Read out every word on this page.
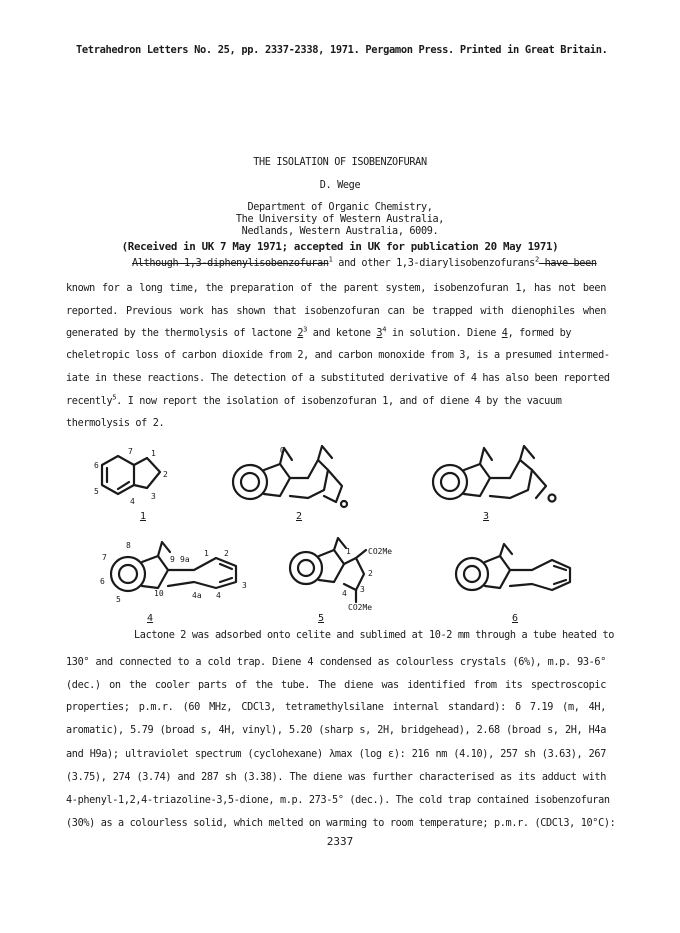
Tetrahedron Letters No. 25, pp. 2337-2338, 1971. Pergamon Press. Printed in Great Britain.
THE ISOLATION OF ISOBENZOFURAN
D. Wege
Department of Organic Chemistry,
The University of Western Australia,
Nedlands, Western Australia, 6009.
(Received in UK 7 May 1971; accepted in UK for publication 20 May 1971)
Although 1,3-diphenylisobenzofuran$^1$ and other 1,3-diarylisobenzofurans$^2$ have been
known for a long time, the preparation of the parent system, isobenzofuran 1, has not been
reported. Previous work has shown that isobenzofuran can be trapped with dienophiles when
generated by the thermolysis of lactone $2^3$ and ketone $3^4$ in solution. Diene 4, formed by
cheletropic loss of carbon dioxide from 2, and carbon monoxide from 3, is a presumed intermed-
iate in these reactions. The detection of a substituted derivative of 4 has also been reported
recently$^5$. I now report the isolation of isobenzofuran 1, and of diene 4 by the vacuum
thermolysis of 2.
7 1
2
3
4
5
6
1
O
2	3
8
7
6
5
9 9a
1 2
3
4
4a
10
4
CO2Me
CO2Me
1
2
3
4
5	6
Lactone 2 was adsorbed onto celite and sublimed at 10-2 mm through a tube heated to
130° and connected to a cold trap. Diene 4 condensed as colourless crystals (6%), m.p. 93-6°
(dec.) on the cooler parts of the tube. The diene was identified from its spectroscopic
properties; p.m.r. (60 MHz, CDCl3, tetramethylsilane internal standard): δ 7.19 (m, 4H,
aromatic), 5.79 (broad s, 4H, vinyl), 5.20 (sharp s, 2H, bridgehead), 2.68 (broad s, 2H, H4a
and H9a); ultraviolet spectrum (cyclohexane) λmax (log ε): 216 nm (4.10), 257 sh (3.63), 267
(3.75), 274 (3.74) and 287 sh (3.38). The diene was further characterised as its adduct with
4-phenyl-1,2,4-triazoline-3,5-dione, m.p. 273-5° (dec.). The cold trap contained isobenzofuran
(30%) as a colourless solid, which melted on warming to room temperature; p.m.r. (CDCl3, 10°C):
2337
